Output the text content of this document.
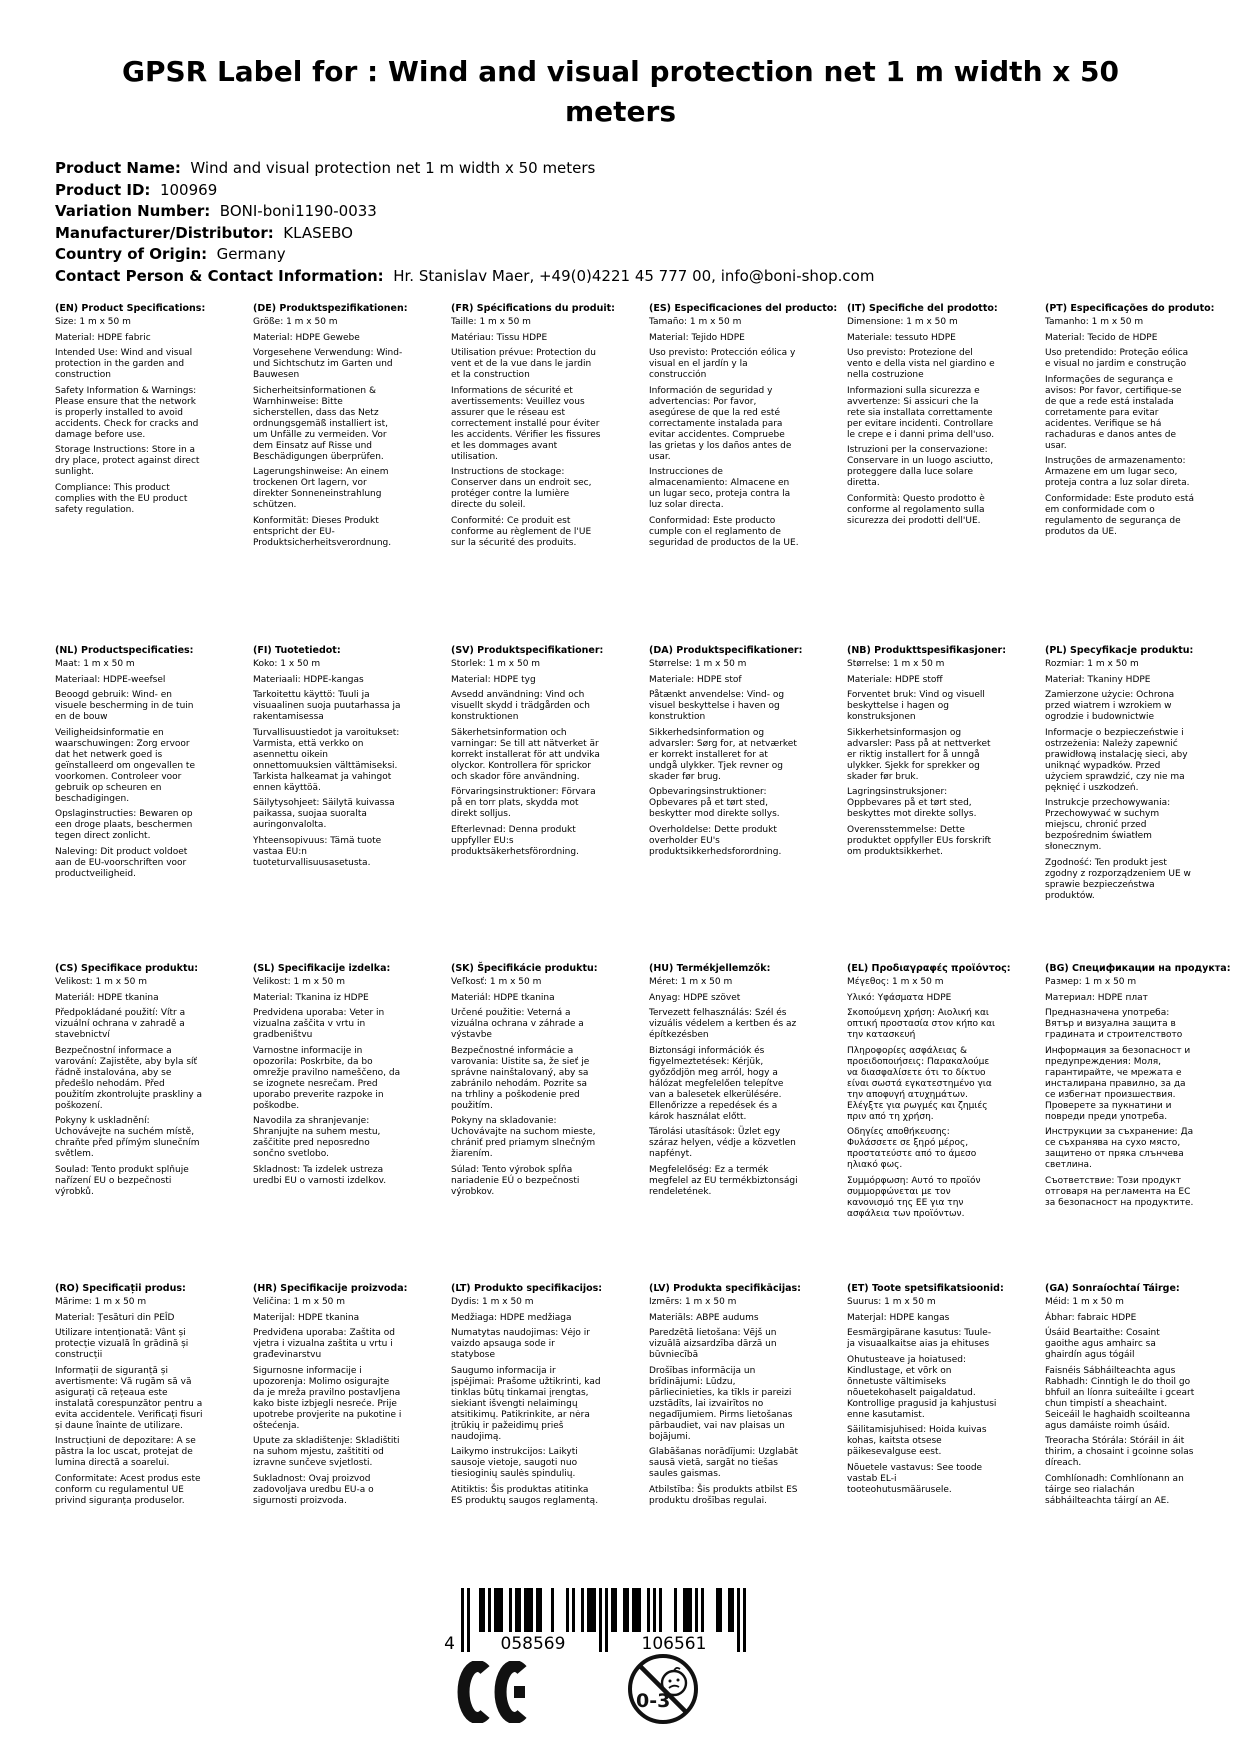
GPSR Label for : Wind and visual protection net 1 m width x 50
meters
Product Name:  Wind and visual protection net 1 m width x 50 meters
Product ID:  100969
Variation Number:  BONI-boni1190-0033
Manufacturer/Distributor:  KLASEBO
Country of Origin:  Germany
Contact Person & Contact Information:  Hr. Stanislav Maer, +49(0)4221 45 777 00, info@boni-shop.com
(EN) Product Specifications:

Size: 1 m x 50 m

Material: HDPE fabric

Intended Use: Wind and visual protection in the garden and construction

Safety Information & Warnings: Please ensure that the network is properly installed to avoid accidents. Check for cracks and damage before use.

Storage Instructions: Store in a dry place, protect against direct sunlight.

Compliance: This product complies with the EU product safety regulation.

(DE) Produktspezifikationen:

Größe: 1 m x 50 m

Material: HDPE Gewebe

Vorgesehene Verwendung: Wind- und Sichtschutz im Garten und Bauwesen

Sicherheitsinformationen & Warnhinweise: Bitte sicherstellen, dass das Netz ordnungsgemäß installiert ist, um Unfälle zu vermeiden. Vor dem Einsatz auf Risse und Beschädigungen überprüfen.

Lagerungshinweise: An einem trockenen Ort lagern, vor direkter Sonneneinstrahlung schützen.

Konformität: Dieses Produkt entspricht der EU-Produktsicherheitsverordnung.

(FR) Spécifications du produit:

Taille: 1 m x 50 m

Matériau: Tissu HDPE

Utilisation prévue: Protection du vent et de la vue dans le jardin et la construction

Informations de sécurité et avertissements: Veuillez vous assurer que le réseau est correctement installé pour éviter les accidents. Vérifier les fissures et les dommages avant utilisation.

Instructions de stockage: Conserver dans un endroit sec, protéger contre la lumière directe du soleil.

Conformité: Ce produit est conforme au règlement de l'UE sur la sécurité des produits.

(ES) Especificaciones del producto:

Tamaño: 1 m x 50 m

Material: Tejido HDPE

Uso previsto: Protección eólica y visual en el jardín y la construcción

Información de seguridad y advertencias: Por favor, asegúrese de que la red esté correctamente instalada para evitar accidentes. Compruebe las grietas y los daños antes de usar.

Instrucciones de almacenamiento: Almacene en un lugar seco, proteja contra la luz solar directa.

Conformidad: Este producto cumple con el reglamento de seguridad de productos de la UE.

(IT) Specifiche del prodotto:

Dimensione: 1 m x 50 m

Materiale: tessuto HDPE

Uso previsto: Protezione del vento e della vista nel giardino e nella costruzione

Informazioni sulla sicurezza e avvertenze: Si assicuri che la rete sia installata correttamente per evitare incidenti. Controllare le crepe e i danni prima dell'uso.

Istruzioni per la conservazione: Conservare in un luogo asciutto, proteggere dalla luce solare diretta.

Conformità: Questo prodotto è conforme al regolamento sulla sicurezza dei prodotti dell'UE.

(PT) Especificações do produto:

Tamanho: 1 m x 50 m

Material: Tecido de HDPE

Uso pretendido: Proteção eólica e visual no jardim e construção

Informações de segurança e avisos: Por favor, certifique-se de que a rede está instalada corretamente para evitar acidentes. Verifique se há rachaduras e danos antes de usar.

Instruções de armazenamento: Armazene em um lugar seco, proteja contra a luz solar direta.

Conformidade: Este produto está em conformidade com o regulamento de segurança de produtos da UE.

(NL) Productspecificaties:

Maat: 1 m x 50 m

Materiaal: HDPE-weefsel

Beoogd gebruik: Wind- en visuele bescherming in de tuin en de bouw

Veiligheidsinformatie en waarschuwingen: Zorg ervoor dat het netwerk goed is geïnstalleerd om ongevallen te voorkomen. Controleer voor gebruik op scheuren en beschadigingen.

Opslaginstructies: Bewaren op een droge plaats, beschermen tegen direct zonlicht.

Naleving: Dit product voldoet aan de EU-voorschriften voor productveiligheid.

(FI) Tuotetiedot:

Koko: 1 x 50 m

Materiaali: HDPE-kangas

Tarkoitettu käyttö: Tuuli ja visuaalinen suoja puutarhassa ja rakentamisessa

Turvallisuustiedot ja varoitukset: Varmista, että verkko on asennettu oikein onnettomuuksien välttämiseksi. Tarkista halkeamat ja vahingot ennen käyttöä.

Säilytysohjeet: Säilytä kuivassa paikassa, suojaa suoralta auringonvalolta.

Yhteensopivuus: Tämä tuote vastaa EU:n tuoteturvallisuusasetusta.

(SV) Produktspecifikationer:

Storlek: 1 m x 50 m

Material: HDPE tyg

Avsedd användning: Vind och visuellt skydd i trädgården och konstruktionen

Säkerhetsinformation och varningar: Se till att nätverket är korrekt installerat för att undvika olyckor. Kontrollera för sprickor och skador före användning.

Förvaringsinstruktioner: Förvara på en torr plats, skydda mot direkt solljus.

Efterlevnad: Denna produkt uppfyller EU:s produktsäkerhetsförordning.

(DA) Produktspecifikationer:

Størrelse: 1 m x 50 m

Materiale: HDPE stof

Påtænkt anvendelse: Vind- og visuel beskyttelse i haven og konstruktion

Sikkerhedsinformation og advarsler: Sørg for, at netværket er korrekt installeret for at undgå ulykker. Tjek revner og skader før brug.

Opbevaringsinstruktioner: Opbevares på et tørt sted, beskytter mod direkte sollys.

Overholdelse: Dette produkt overholder EU's produktsikkerhedsforordning.

(NB) Produkttspesifikasjoner:

Størrelse: 1 m x 50 m

Materiale: HDPE stoff

Forventet bruk: Vind og visuell beskyttelse i hagen og konstruksjonen

Sikkerhetsinformasjon og advarsler: Pass på at nettverket er riktig installert for å unngå ulykker. Sjekk for sprekker og skader før bruk.

Lagringsinstruksjoner: Oppbevares på et tørt sted, beskyttes mot direkte sollys.

Overensstemmelse: Dette produktet oppfyller EUs forskrift om produktsikkerhet.

(PL) Specyfikacje produktu:

Rozmiar: 1 m x 50 m

Materiał: Tkaniny HDPE

Zamierzone użycie: Ochrona przed wiatrem i wzrokiem w ogrodzie i budownictwie

Informacje o bezpieczeństwie i ostrzeżenia: Należy zapewnić prawidłową instalację sieci, aby uniknąć wypadków. Przed użyciem sprawdzić, czy nie ma pęknięć i uszkodzeń.

Instrukcje przechowywania: Przechowywać w suchym miejscu, chronić przed bezpośrednim światłem słonecznym.

Zgodność: Ten produkt jest zgodny z rozporządzeniem UE w sprawie bezpieczeństwa produktów.

(CS) Specifikace produktu:

Velikost: 1 m x 50 m

Materiál: HDPE tkanina

Předpokládané použití: Vítr a vizuální ochrana v zahradě a stavebnictví

Bezpečnostní informace a varování: Zajistěte, aby byla síť řádně instalována, aby se předešlo nehodám. Před použitím zkontrolujte praskliny a poškození.

Pokyny k uskladnění: Uchovávejte na suchém místě, chraňte před přímým slunečním světlem.

Soulad: Tento produkt splňuje nařízení EU o bezpečnosti výrobků.

(SL) Specifikacije izdelka:

Velikost: 1 m x 50 m

Material: Tkanina iz HDPE

Predvidena uporaba: Veter in vizualna zaščita v vrtu in gradbeništvu

Varnostne informacije in opozorila: Poskrbite, da bo omrežje pravilno nameščeno, da se izognete nesrečam. Pred uporabo preverite razpoke in poškodbe.

Navodila za shranjevanje: Shranjujte na suhem mestu, zaščitite pred neposredno sončno svetlobo.

Skladnost: Ta izdelek ustreza uredbi EU o varnosti izdelkov.

(SK) Špecifikácie produktu:

Veľkosť: 1 m x 50 m

Materiál: HDPE tkanina

Určené použitie: Veterná a vizuálna ochrana v záhrade a výstavbe

Bezpečnostné informácie a varovania: Uistite sa, že sieť je správne nainštalovaný, aby sa zabránilo nehodám. Pozrite sa na trhliny a poškodenie pred použitím.

Pokyny na skladovanie: Uchovávajte na suchom mieste, chrániť pred priamym slnečným žiarením.

Súlad: Tento výrobok spĺňa nariadenie EÚ o bezpečnosti výrobkov.

(HU) Termékjellemzők:

Méret: 1 m x 50 m

Anyag: HDPE szövet

Tervezett felhasználás: Szél és vizuális védelem a kertben és az építkezésben

Biztonsági információk és figyelmeztetések: Kérjük, győződjön meg arról, hogy a hálózat megfelelően telepítve van a balesetek elkerülésére. Ellenőrizze a repedések és a károk használat előtt.

Tárolási utasítások: Üzlet egy száraz helyen, védje a közvetlen napfényt.

Megfelelőség: Ez a termék megfelel az EU termékbiztonsági rendeletének.

(EL) Προδιαγραφές προϊόντος:

Μέγεθος: 1 m x 50 m

Υλικό: Υφάσματα HDPE

Σκοπούμενη χρήση: Αιολική και οπτική προστασία στον κήπο και την κατασκευή

Πληροφορίες ασφάλειας & προειδοποιήσεις: Παρακαλούμε να διασφαλίσετε ότι το δίκτυο είναι σωστά εγκατεστημένο για την αποφυγή ατυχημάτων. Ελέγξτε για ρωγμές και ζημιές πριν από τη χρήση.

Οδηγίες αποθήκευσης: Φυλάσσετε σε ξηρό μέρος, προστατεύστε από το άμεσο ηλιακό φως.

Συμμόρφωση: Αυτό το προϊόν συμμορφώνεται με τον κανονισμό της ΕΕ για την ασφάλεια των προϊόντων.

(BG) Спецификации на продукта:

Размер: 1 m x 50 m

Материал: HDPE плат

Предназначена употреба: Вятър и визуална защита в градината и строителството

Информация за безопасност и предупреждения: Моля, гарантирайте, че мрежата е инсталирана правилно, за да се избегнат произшествия. Проверете за пукнатини и повреди преди употреба.

Инструкции за съхранение: Да се съхранява на сухо място, защитено от пряка слънчева светлина.

Съответствие: Този продукт отговаря на регламента на ЕС за безопасност на продуктите.

(RO) Specificații produs:

Mărime: 1 m x 50 m

Material: Țesături din PEÎD

Utilizare intenționată: Vânt și protecție vizuală în grădină și construcții

Informații de siguranță și avertismente: Vă rugăm să vă asigurați că rețeaua este instalată corespunzător pentru a evita accidentele. Verificați fisuri și daune înainte de utilizare.

Instrucțiuni de depozitare: A se păstra la loc uscat, protejat de lumina directă a soarelui.

Conformitate: Acest produs este conform cu regulamentul UE privind siguranța produselor.

(HR) Specifikacije proizvoda:

Veličina: 1 m x 50 m

Materijal: HDPE tkanina

Predviđena uporaba: Zaštita od vjetra i vizualna zaštita u vrtu i građevinarstvu

Sigurnosne informacije i upozorenja: Molimo osigurajte da je mreža pravilno postavljena kako biste izbjegli nesreće. Prije upotrebe provjerite na pukotine i oštećenja.

Upute za skladištenje: Skladištiti na suhom mjestu, zaštititi od izravne sunčeve svjetlosti.

Sukladnost: Ovaj proizvod zadovoljava uredbu EU-a o sigurnosti proizvoda.

(LT) Produkto specifikacijos:

Dydis: 1 m x 50 m

Medžiaga: HDPE medžiaga

Numatytas naudojimas: Vėjo ir vaizdo apsauga sode ir statybose

Saugumo informacija ir įspėjimai: Prašome užtikrinti, kad tinklas būtų tinkamai įrengtas, siekiant išvengti nelaimingų atsitikimų. Patikrinkite, ar nėra įtrūkių ir pažeidimų prieš naudojimą.

Laikymo instrukcijos: Laikyti sausoje vietoje, saugoti nuo tiesioginių saulės spindulių.

Atitiktis: Šis produktas atitinka ES produktų saugos reglamentą.

(LV) Produkta specifikācijas:

Izmērs: 1 m x 50 m

Materiāls: ABPE audums

Paredzētā lietošana: Vējš un vizuālā aizsardzība dārzā un būvniecībā

Drošības informācija un brīdinājumi: Lūdzu, pārliecinieties, ka tīkls ir pareizi uzstādīts, lai izvairītos no negadījumiem. Pirms lietošanas pārbaudiet, vai nav plaisas un bojājumi.

Glabāšanas norādījumi: Uzglabāt sausā vietā, sargāt no tiešas saules gaismas.

Atbilstība: Šis produkts atbilst ES produktu drošības regulai.

(ET) Toote spetsifikatsioonid:

Suurus: 1 m x 50 m

Materjal: HDPE kangas

Eesmärgipärane kasutus: Tuule- ja visuaalkaitse aias ja ehituses

Ohutusteave ja hoiatused: Kindlustage, et võrk on õnnetuste vältimiseks nõuetekohaselt paigaldatud. Kontrollige pragusid ja kahjustusi enne kasutamist.

Säilitamisjuhised: Hoida kuivas kohas, kaitsta otsese päikesevalguse eest.

Nõuetele vastavus: See toode vastab EL-i tooteohutusmäärusele.

(GA) Sonraíochtaí Táirge:

Méid: 1 m x 50 m

Ábhar: fabraic HDPE

Úsáid Beartaithe: Cosaint gaoithe agus amhairc sa ghairdín agus tógáil

Faisnéis Sábháilteachta agus Rabhadh: Cinntigh le do thoil go bhfuil an líonra suiteáilte i gceart chun timpistí a sheachaint. Seiceáil le haghaidh scoilteanna agus damáiste roimh úsáid.

Treoracha Stórála: Stóráil in áit thirim, a chosaint i gcoinne solas díreach.

Comhlíonadh: Comhlíonann an táirge seo rialachán sábháilteachta táirgí an AE.

4	058569	106561
0-3
